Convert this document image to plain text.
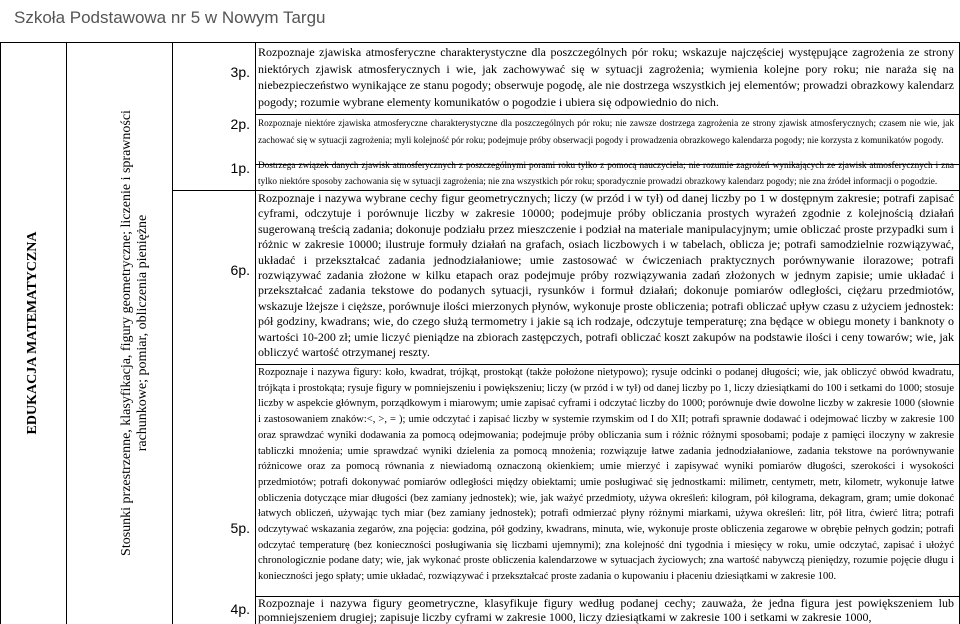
Szkoła Podstawowa nr 5 w Nowym Targu
EDUKACJA MATEMATYCZNA	Stosunki przestrzenne, klasyfikacja, figury geometryczne; liczenie i sprawności rachunkowe; pomiar, obliczenia pieniężne
3p.
2p.
1p.
6p.
5p.
4p.
Rozpoznaje zjawiska atmosferyczne charakterystyczne dla poszczególnych pór roku; wskazuje najczęściej występujące zagrożenia ze strony niektórych zjawisk atmosferycznych i wie, jak zachowywać się w sytuacji zagrożenia; wymienia kolejne pory roku; nie naraża się na niebezpieczeństwo wynikające ze stanu pogody; obserwuje pogodę, ale nie dostrzega wszystkich jej elementów; prowadzi obrazkowy kalendarz pogody; rozumie wybrane elementy komunikatów o pogodzie i ubiera się odpowiednio do nich.
Rozpoznaje niektóre zjawiska atmosferyczne charakterystyczne dla poszczególnych pór roku; nie zawsze dostrzega zagrożenia ze strony zjawisk atmosferycznych; czasem nie wie, jak zachować się w sytuacji zagrożenia; myli kolejność pór roku; podejmuje próby obserwacji pogody i prowadzenia obrazkowego kalendarza pogody; nie korzysta z komunikatów pogody.
Dostrzega związek danych zjawisk atmosferycznych z poszczególnymi porami roku tylko z pomocą nauczyciela; nie rozumie zagrożeń wynikających ze zjawisk atmosferycznych i zna tylko niektóre sposoby zachowania się w sytuacji zagrożenia; nie zna wszystkich pór roku; sporadycznie prowadzi obrazkowy kalendarz pogody; nie zna źródeł informacji o pogodzie.
Rozpoznaje i nazywa wybrane cechy figur geometrycznych; liczy (w przód i w tył) od danej liczby po 1 w dostępnym zakresie; potrafi zapisać cyframi, odczytuje i porównuje liczby w zakresie 10000; podejmuje próby obliczania prostych wyrażeń zgodnie z kolejnością działań sugerowaną treścią zadania; dokonuje podziału przez mieszczenie i podział na materiale manipulacyjnym; umie obliczać proste przypadki sum i różnic w zakresie 10000; ilustruje formuły działań na grafach, osiach liczbowych i w tabelach, oblicza je; potrafi samodzielnie rozwiązywać, układać i przekształcać zadania jednodziałaniowe; umie zastosować w ćwiczeniach praktycznych porównywanie ilorazowe; potrafi rozwiązywać zadania złożone w kilku etapach oraz podejmuje próby rozwiązywania zadań złożonych w jednym zapisie; umie układać i przekształcać zadania tekstowe do podanych sytuacji, rysunków i formuł działań; dokonuje pomiarów odległości, ciężaru przedmiotów, wskazuje lżejsze i cięższe, porównuje ilości mierzonych płynów, wykonuje proste obliczenia; potrafi obliczać upływ czasu z użyciem jednostek: pół godziny, kwadrans; wie, do czego służą termometry i jakie są ich rodzaje, odczytuje temperaturę; zna będące w obiegu monety i banknoty o wartości 10-200 zł; umie liczyć pieniądze na zbiorach zastępczych, potrafi obliczać koszt zakupów na podstawie ilości i ceny towarów; wie, jak obliczyć wartość otrzymanej reszty.
Rozpoznaje i nazywa figury: koło, kwadrat, trójkąt, prostokąt (także położone nietypowo); rysuje odcinki o podanej długości; wie, jak obliczyć obwód kwadratu, trójkąta i prostokąta; rysuje figury w pomniejszeniu i powiększeniu; liczy (w przód i w tył) od danej liczby po 1, liczy dziesiątkami do 100 i setkami do 1000; stosuje liczby w aspekcie głównym, porządkowym i miarowym; umie zapisać cyframi i odczytać liczby do 1000; porównuje dwie dowolne liczby w zakresie 1000 (słownie i zastosowaniem znaków:<, >, = ); umie odczytać i zapisać liczby w systemie rzymskim od I do XII; potrafi sprawnie dodawać i odejmować liczby w zakresie 100 oraz sprawdzać wyniki dodawania za pomocą odejmowania; podejmuje próby obliczania sum i różnic różnymi sposobami; podaje z pamięci iloczyny w zakresie tabliczki mnożenia; umie sprawdzać wyniki dzielenia za pomocą mnożenia; rozwiązuje łatwe zadania jednodziałaniowe, zadania tekstowe na porównywanie różnicowe oraz za pomocą równania z niewiadomą oznaczoną okienkiem; umie mierzyć i zapisywać wyniki pomiarów długości, szerokości i wysokości przedmiotów; potrafi dokonywać pomiarów odległości między obiektami; umie posługiwać się jednostkami: milimetr, centymetr, metr, kilometr, wykonuje łatwe obliczenia dotyczące miar długości (bez zamiany jednostek); wie, jak ważyć przedmioty, używa określeń: kilogram, pół kilograma, dekagram, gram; umie dokonać łatwych obliczeń, używając tych miar (bez zamiany jednostek); potrafi odmierzać płyny różnymi miarkami, używa określeń: litr, pół litra, ćwierć litra; potrafi odczytywać wskazania zegarów, zna pojęcia: godzina, pół godziny, kwadrans, minuta, wie, wykonuje proste obliczenia zegarowe w obrębie pełnych godzin; potrafi odczytać temperaturę (bez konieczności posługiwania się liczbami ujemnymi); zna kolejność dni tygodnia i miesięcy w roku, umie odczytać, zapisać i ułożyć chronologicznie podane daty; wie, jak wykonać proste obliczenia kalendarzowe w sytuacjach życiowych; zna wartość nabywczą pieniędzy, rozumie pojęcie długu i konieczności jego spłaty; umie układać, rozwiązywać i przekształcać proste zadania o kupowaniu i płaceniu dziesiątkami w zakresie 100.
Rozpoznaje i nazywa figury geometryczne, klasyfikuje figury według podanej cechy; zauważa, że jedna figura jest powiększeniem lub pomniejszeniem drugiej; zapisuje liczby cyframi w zakresie 1000, liczy dziesiątkami w zakresie 100 i setkami w zakresie 1000,
